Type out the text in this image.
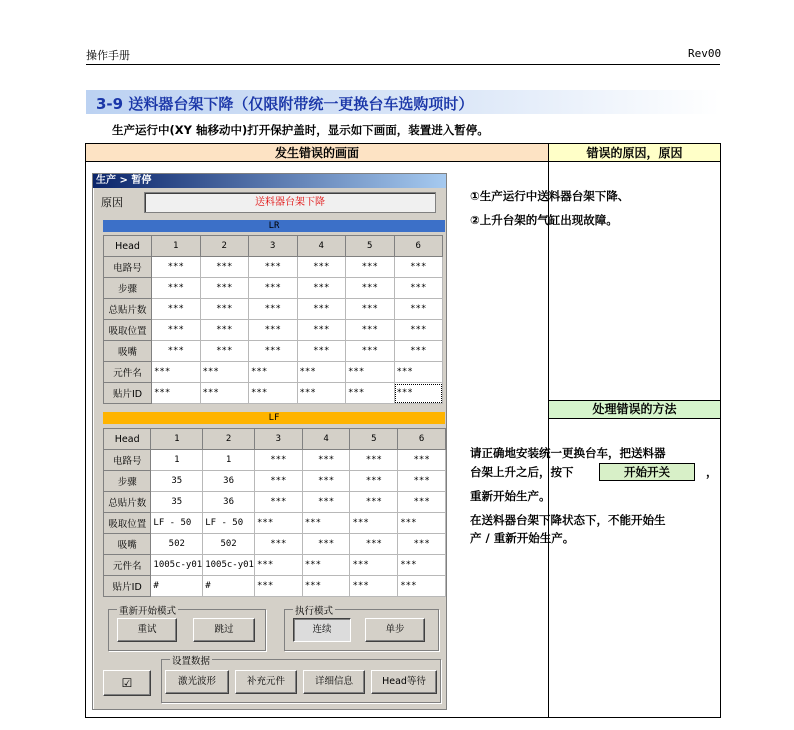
操作手册	Rev00
3-9 送料器台架下降（仅限附带统一更换台车选购项时）
生产运行中(XY 轴移动中)打开保护盖时，显示如下画面，装置进入暂停。
发生错误的画面	错误的原因，原因
处理错误的方法
①生产运行中送料器台架下降、
②上升台架的气缸出现故障。
请正确地安装统一更换台车，把送料器
台架上升之后，按下	开始开关	，
重新开始生产。
在送料器台架下降状态下，不能开始生
产 / 重新开始生产。
生产 > 暂停
原因	送料器台架下降
LR
Head	1	2	3	4	5	6
电路号	***	***	***	***	***	***
步骤	***	***	***	***	***	***
总贴片数	***	***	***	***	***	***
吸取位置	***	***	***	***	***	***
吸嘴	***	***	***	***	***	***
元件名	***	***	***	***	***	***
贴片ID	***	***	***	***	***	***
LF
Head	1	2	3	4	5	6
电路号	1	1	***	***	***	***
步骤	35	36	***	***	***	***
总贴片数	35	36	***	***	***	***
吸取位置	LF - 50	LF - 50	***	***	***	***
吸嘴	502	502	***	***	***	***
元件名	1005c-y01	1005c-y01	***	***	***	***
贴片ID	#	#	***	***	***	***
重新开始模式
重试	跳过
执行模式
连续	单步
设置数据
激光波形	补充元件	详细信息	Head等待
☑
